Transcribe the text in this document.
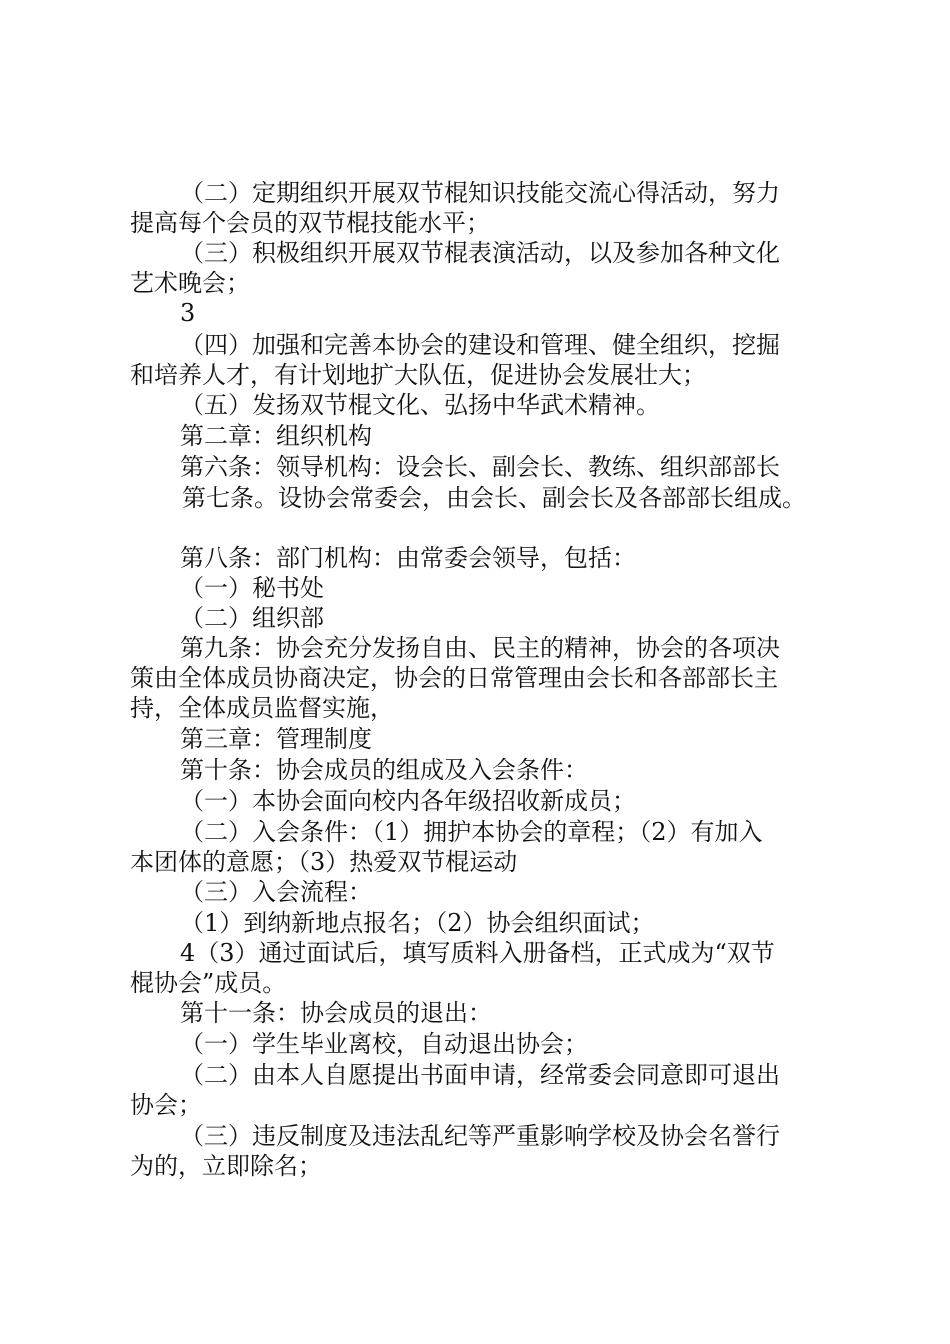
（二）定期组织开展双节棍知识技能交流心得活动，努力
提高每个会员的双节棍技能水平；
（三）积极组织开展双节棍表演活动，以及参加各种文化
艺术晚会；
3
（四）加强和完善本协会的建设和管理、健全组织，挖掘
和培养人才，有计划地扩大队伍，促进协会发展壮大；
（五）发扬双节棍文化、弘扬中华武术精神。
第二章：组织机构
第六条：领导机构：设会长、副会长、教练、组织部部长
第七条。设协会常委会，由会长、副会长及各部部长组成。
第八条：部门机构：由常委会领导，包括：
（一）秘书处
（二）组织部
第九条：协会充分发扬自由、民主的精神，协会的各项决
策由全体成员协商决定，协会的日常管理由会长和各部部长主
持，全体成员监督实施，
第三章：管理制度
第十条：协会成员的组成及入会条件：
（一）本协会面向校内各年级招收新成员；
（二）入会条件：（1）拥护本协会的章程；（2）有加入
本团体的意愿；（3）热爱双节棍运动
（三）入会流程：
（1）到纳新地点报名；（2）协会组织面试；
4（3）通过面试后，填写质料入册备档，正式成为“双节
棍协会”成员。
第十一条：协会成员的退出：
（一）学生毕业离校，自动退出协会；
（二）由本人自愿提出书面申请，经常委会同意即可退出
协会；
（三）违反制度及违法乱纪等严重影响学校及协会名誉行
为的，立即除名；
